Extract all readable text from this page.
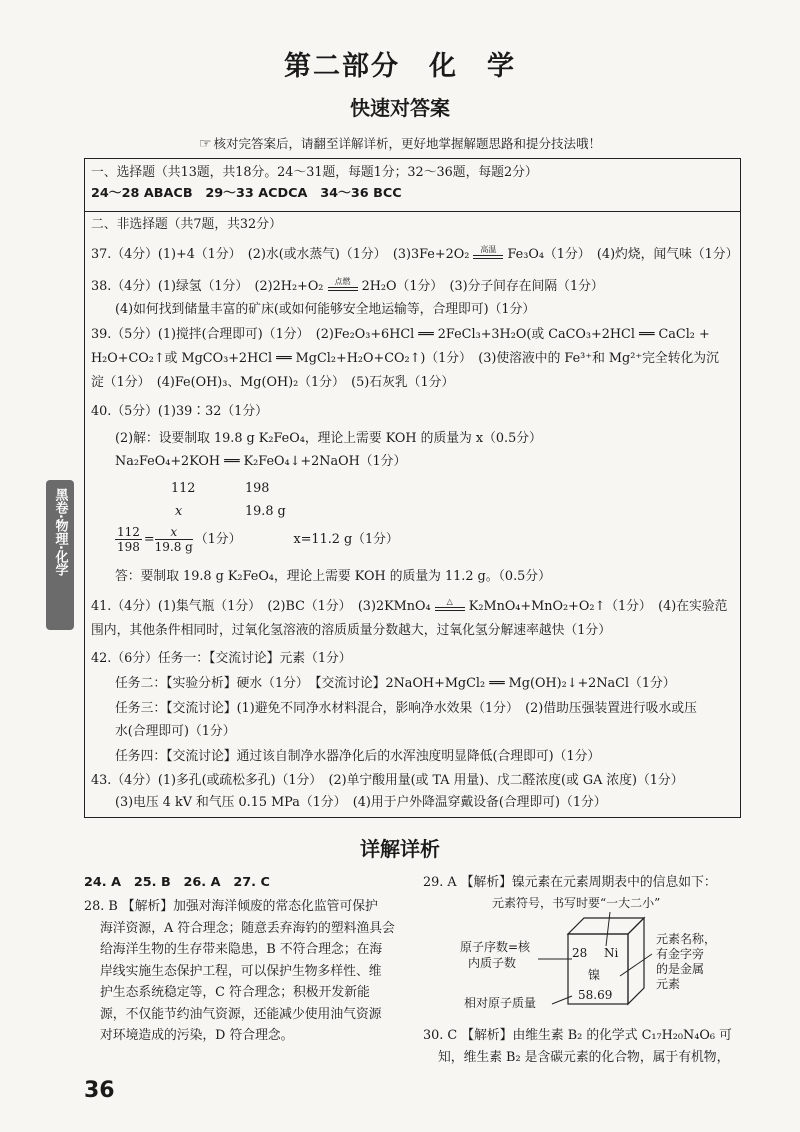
第二部分　化　学
快速对答案
☞ 核对完答案后，请翻至详解详析，更好地掌握解题思路和提分技法哦！
黑卷·物理·化学
一、选择题（共13题，共18分。24～31题，每题1分；32～36题，每题2分）
24～28 ABACB　29～33 ACDCA　34～36 BCC
二、非选择题（共7题，共32分）
37.（4分）(1)+4（1分）　(2)水(或水蒸气)（1分）　(3)3Fe+2O₂	高温 Fe₃O₄（1分）　(4)灼烧，闻气味（1分）
38.（4分）(1)绿氢（1分）　(2)2H₂+O₂	点燃 2H₂O（1分）　(3)分子间存在间隔（1分）
(4)如何找到储量丰富的矿床(或如何能够安全地运输等，合理即可)（1分）
39.（5分）(1)搅拌(合理即可)（1分）　(2)Fe₂O₃+6HCl ══ 2FeCl₃+3H₂O(或 CaCO₃+2HCl ══ CaCl₂ +
H₂O+CO₂↑或 MgCO₃+2HCl ══ MgCl₂+H₂O+CO₂↑)（1分）　(3)使溶液中的 Fe³⁺和 Mg²⁺完全转化为沉
淀（1分）　(4)Fe(OH)₃、Mg(OH)₂（1分）　(5)石灰乳（1分）
40.（5分）(1)39∶32（1分）
(2)解：设要制取 19.8 g K₂FeO₄，理论上需要 KOH 的质量为 x（0.5分）
Na₂FeO₄+2KOH ══ K₂FeO₄↓+2NaOH（1分）
112	198
x	19.8 g
$\frac{112}{198} = \frac{x}{19.8 g} (1$分）	x=11.2 g（1分）
答：要制取 19.8 g K₂FeO₄，理论上需要 KOH 的质量为 11.2 g。（0.5分）
41.（4分）(1)集气瓶（1分）　(2)BC（1分）　(3)2KMnO₄	△	K₂MnO₄+MnO₂+O₂↑（1分）　(4)在实验范
围内，其他条件相同时，过氧化氢溶液的溶质质量分数越大，过氧化氢分解速率越快（1分）
42.（6分）任务一：【交流讨论】元素（1分）
任务二：【实验分析】硬水（1分）　【交流讨论】2NaOH+MgCl₂ ══ Mg(OH)₂↓+2NaCl（1分）
任务三：【交流讨论】(1)避免不同净水材料混合，影响净水效果（1分）　(2)借助压强装置进行吸水或压
水(合理即可)（1分）
任务四：【交流讨论】通过该自制净水器净化后的水浑浊度明显降低(合理即可)（1分）
43.（4分）(1)多孔(或疏松多孔)（1分）　(2)单宁酸用量(或 TA 用量)、戊二醛浓度(或 GA 浓度)（1分）
(3)电压 4 kV 和气压 0.15 MPa（1分）　(4)用于户外降温穿戴设备(合理即可)（1分）
详解详析
24. A　25. B　26. A　27. C
28. B 【解析】加强对海洋倾废的常态化监管可保护
海洋资源，A 符合理念；随意丢弃海钓的塑料渔具会
给海洋生物的生存带来隐患，B 不符合理念；在海
岸线实施生态保护工程，可以保护生物多样性、维
护生态系统稳定等，C 符合理念；积极开发新能
源，不仅能节约油气资源，还能减少使用油气资源
对环境造成的污染，D 符合理念。
29. A 【解析】镍元素在元素周期表中的信息如下：
元素符号，书写时要“一大二小”
28 Ni
镍
58.69
原子序数=核
内质子数
相对原子质量
元素名称，
有金字旁
的是金属
元素
30. C 【解析】由维生素 B₂ 的化学式 C₁₇H₂₀N₄O₆ 可
知，维生素 B₂ 是含碳元素的化合物，属于有机物，
36
